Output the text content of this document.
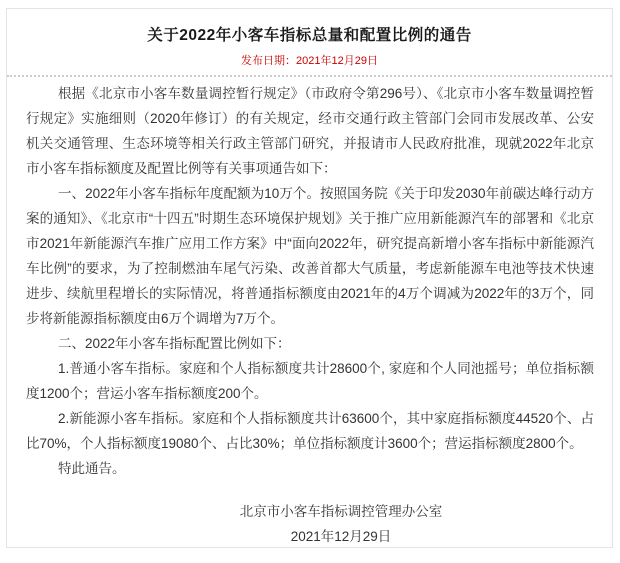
关于2022年小客车指标总量和配置比例的通告
发布日期：2021年12月29日

根据《北京市小客车数量调控暂行规定》（市政府令第296号）、《北京市小客车数量调控暂行规定》实施细则（2020年修订）的有关规定，经市交通行政主管部门会同市发展改革、公安机关交通管理、生态环境等相关行政主管部门研究，并报请市人民政府批准，现就2022年北京市小客车指标额度及配置比例等有关事项通告如下：

一、2022年小客车指标年度配额为10万个。按照国务院《关于印发2030年前碳达峰行动方案的通知》、《北京市“十四五”时期生态环境保护规划》关于推广应用新能源汽车的部署和《北京市2021年新能源汽车推广应用工作方案》中“面向2022年，研究提高新增小客车指标中新能源汽车比例”的要求，为了控制燃油车尾气污染、改善首都大气质量，考虑新能源车电池等技术快速进步、续航里程增长的实际情况，将普通指标额度由2021年的4万个调减为2022年的3万个，同步将新能源指标额度由6万个调增为7万个。

二、2022年小客车指标配置比例如下：

1.普通小客车指标。家庭和个人指标额度共计28600个, 家庭和个人同池摇号；单位指标额度1200个；营运小客车指标额度200个。

2.新能源小客车指标。家庭和个人指标额度共计63600个，其中家庭指标额度44520个、占比70%，个人指标额度19080个、占比30%；单位指标额度计3600个；营运指标额度2800个。

特此通告。

北京市小客车指标调控管理办公室
2021年12月29日
